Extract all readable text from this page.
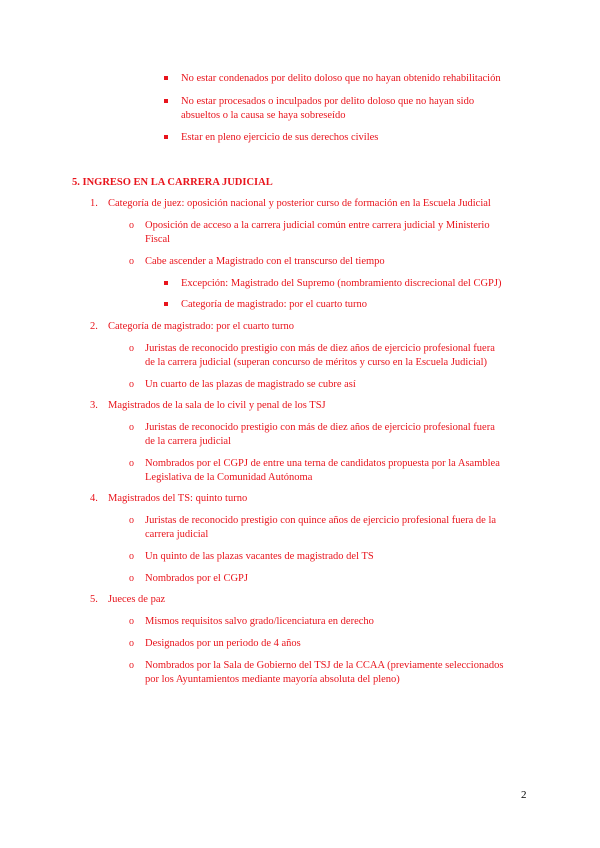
No estar condenados por delito doloso que no hayan obtenido rehabilitación
No estar procesados o inculpados por delito doloso que no hayan sido
absueltos o la causa se haya sobreseído
Estar en pleno ejercicio de sus derechos civiles
5. INGRESO EN LA CARRERA JUDICIAL
1. Categoría de juez: oposición nacional y posterior curso de formación en la Escuela Judicial
o Oposición de acceso a la carrera judicial común entre carrera judicial y Ministerio
Fiscal
o Cabe ascender a Magistrado con el transcurso del tiempo
Excepción: Magistrado del Supremo (nombramiento discrecional del CGPJ)
Categoría de magistrado: por el cuarto turno
2. Categoría de magistrado: por el cuarto turno
o Juristas de reconocido prestigio con más de diez años de ejercicio profesional fuera
de la carrera judicial (superan concurso de méritos y curso en la Escuela Judicial)
o Un cuarto de las plazas de magistrado se cubre así
3. Magistrados de la sala de lo civil y penal de los TSJ
o Juristas de reconocido prestigio con más de diez años de ejercicio profesional fuera
de la carrera judicial
o Nombrados por el CGPJ de entre una terna de candidatos propuesta por la Asamblea
Legislativa de la Comunidad Autónoma
4. Magistrados del TS: quinto turno
o Juristas de reconocido prestigio con quince años de ejercicio profesional fuera de la
carrera judicial
o Un quinto de las plazas vacantes de magistrado del TS
o Nombrados por el CGPJ
5. Jueces de paz
o Mismos requisitos salvo grado/licenciatura en derecho
o Designados por un periodo de 4 años
o Nombrados por la Sala de Gobierno del TSJ de la CCAA (previamente seleccionados
por los Ayuntamientos mediante mayoría absoluta del pleno)
2
